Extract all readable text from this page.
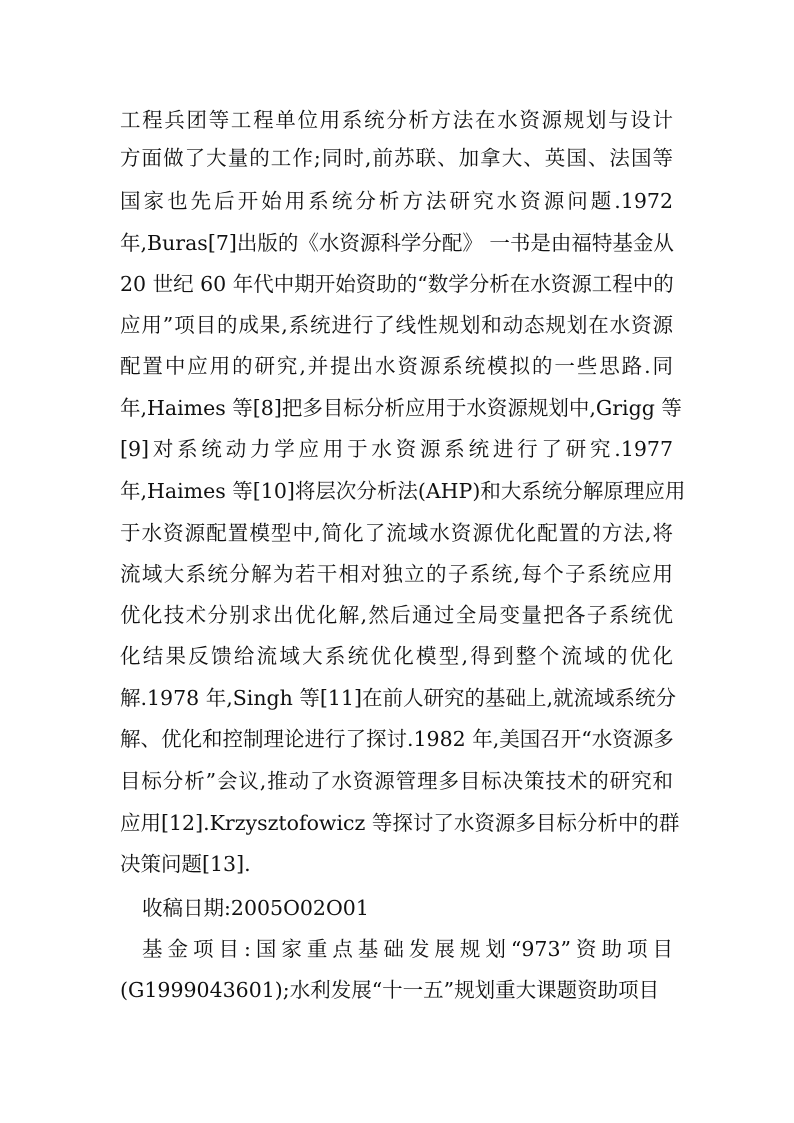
工程兵团等工程单位用系统分析方法在水资源规划与设计
方面做了大量的工作;同时,前苏联、加拿大、英国、法国等
国家也先后开始用系统分析方法研究水资源问题.1972
年,Buras[7]出版的《水资源科学分配》 一书是由福特基金从
20 世纪 60 年代中期开始资助的“数学分析在水资源工程中的
应用”项目的成果,系统进行了线性规划和动态规划在水资源
配置中应用的研究,并提出水资源系统模拟的一些思路.同
年,Haimes 等[8]把多目标分析应用于水资源规划中,Grigg 等
[9]对系统动力学应用于水资源系统进行了研究.1977
年,Haimes 等[10]将层次分析法(AHP)和大系统分解原理应用
于水资源配置模型中,简化了流域水资源优化配置的方法,将
流域大系统分解为若干相对独立的子系统,每个子系统应用
优化技术分别求出优化解,然后通过全局变量把各子系统优
化结果反馈给流域大系统优化模型,得到整个流域的优化
解.1978 年,Singh 等[11]在前人研究的基础上,就流域系统分
解、优化和控制理论进行了探讨.1982 年,美国召开“水资源多
目标分析”会议,推动了水资源管理多目标决策技术的研究和
应用[12].Krzysztofowicz 等探讨了水资源多目标分析中的群
决策问题[13].
收稿日期:2005O02O01
基金项目:国家重点基础发展规划“973”资助项目
(G1999043601);水利发展“十一五”规划重大课题资助项目
